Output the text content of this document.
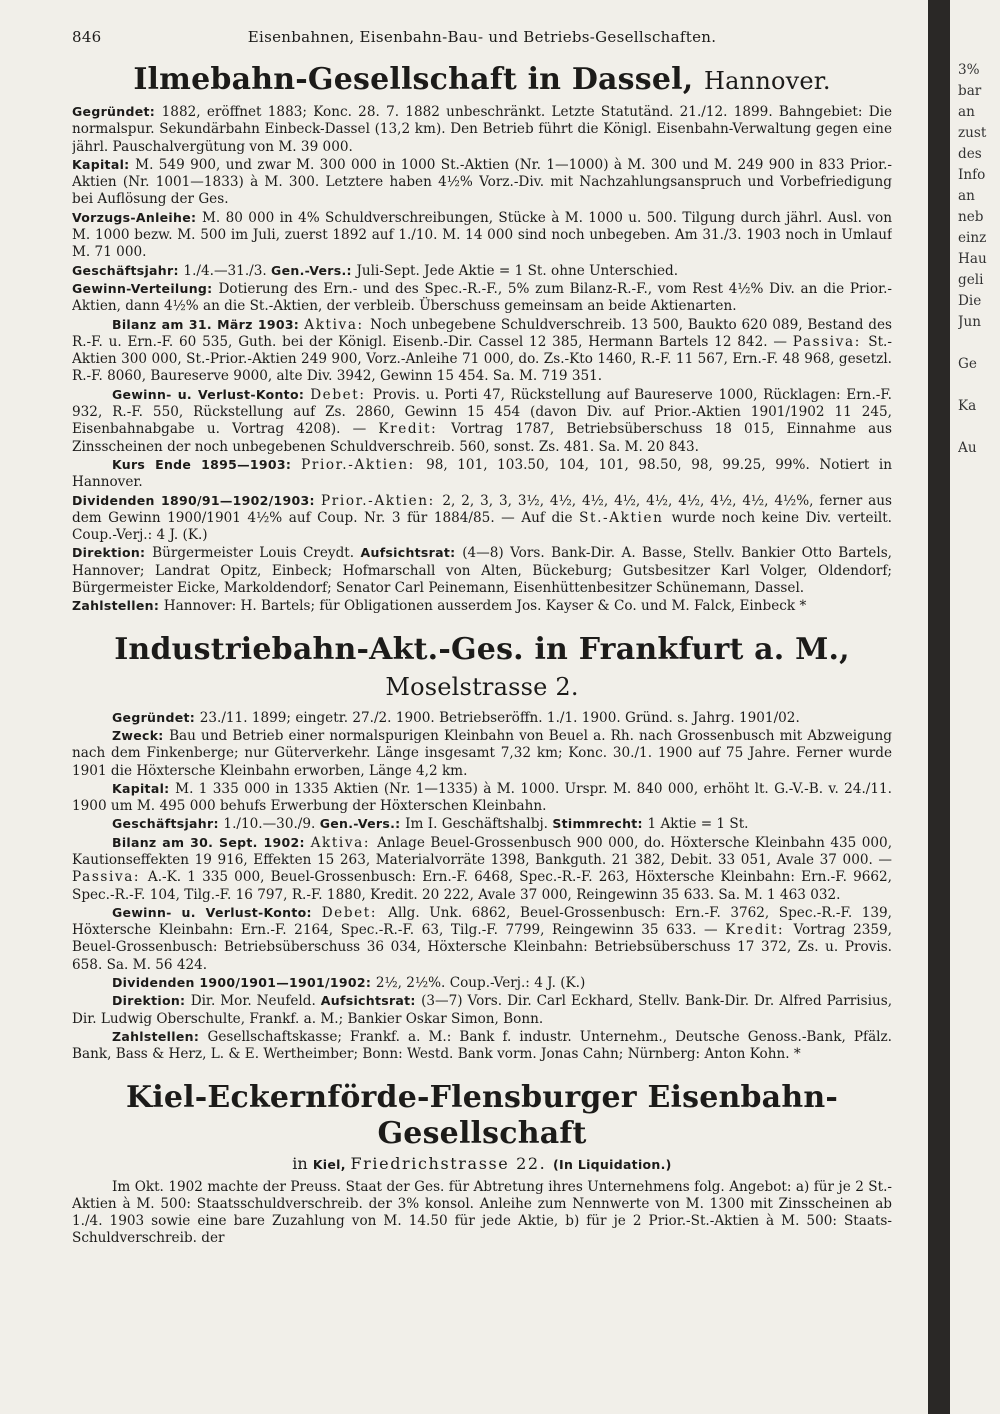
846	Eisenbahnen, Eisenbahn-Bau- und Betriebs-Gesellschaften.
Ilmebahn-Gesellschaft in Dassel, Hannover.

Gegründet: 1882, eröffnet 1883; Konc. 28. 7. 1882 unbeschränkt. Letzte Statutänd. 21./12. 1899. Bahngebiet: Die normalspur. Sekundärbahn Einbeck-Dassel (13,2 km). Den Betrieb führt die Königl. Eisenbahn-Verwaltung gegen eine jährl. Pauschalvergütung von M. 39 000.

Kapital: M. 549 900, und zwar M. 300 000 in 1000 St.-Aktien (Nr. 1—1000) à M. 300 und M. 249 900 in 833 Prior.-Aktien (Nr. 1001—1833) à M. 300. Letztere haben 4½% Vorz.-Div. mit Nachzahlungsanspruch und Vorbefriedigung bei Auflösung der Ges.

Vorzugs-Anleihe: M. 80 000 in 4% Schuldverschreibungen, Stücke à M. 1000 u. 500. Tilgung durch jährl. Ausl. von M. 1000 bezw. M. 500 im Juli, zuerst 1892 auf 1./10. M. 14 000 sind noch unbegeben. Am 31./3. 1903 noch in Umlauf M. 71 000.

Geschäftsjahr: 1./4.—31./3. Gen.-Vers.: Juli-Sept. Jede Aktie = 1 St. ohne Unterschied.

Gewinn-Verteilung: Dotierung des Ern.- und des Spec.-R.-F., 5% zum Bilanz-R.-F., vom Rest 4½% Div. an die Prior.-Aktien, dann 4½% an die St.-Aktien, der verbleib. Überschuss gemeinsam an beide Aktienarten.

Bilanz am 31. März 1903: Aktiva: Noch unbegebene Schuldverschreib. 13 500, Baukto 620 089, Bestand des R.-F. u. Ern.-F. 60 535, Guth. bei der Königl. Eisenb.-Dir. Cassel 12 385, Hermann Bartels 12 842. — Passiva: St.-Aktien 300 000, St.-Prior.-Aktien 249 900, Vorz.-Anleihe 71 000, do. Zs.-Kto 1460, R.-F. 11 567, Ern.-F. 48 968, gesetzl. R.-F. 8060, Baureserve 9000, alte Div. 3942, Gewinn 15 454. Sa. M. 719 351.

Gewinn- u. Verlust-Konto: Debet: Provis. u. Porti 47, Rückstellung auf Baureserve 1000, Rücklagen: Ern.-F. 932, R.-F. 550, Rückstellung auf Zs. 2860, Gewinn 15 454 (davon Div. auf Prior.-Aktien 1901/1902 11 245, Eisenbahnabgabe u. Vortrag 4208). — Kredit: Vortrag 1787, Betriebsüberschuss 18 015, Einnahme aus Zinsscheinen der noch unbegebenen Schuldverschreib. 560, sonst. Zs. 481. Sa. M. 20 843.

Kurs Ende 1895—1903: Prior.-Aktien: 98, 101, 103.50, 104, 101, 98.50, 98, 99.25, 99%. Notiert in Hannover.

Dividenden 1890/91—1902/1903: Prior.-Aktien: 2, 2, 3, 3, 3½, 4½, 4½, 4½, 4½, 4½, 4½, 4½, 4½%, ferner aus dem Gewinn 1900/1901 4½% auf Coup. Nr. 3 für 1884/85. — Auf die St.-Aktien wurde noch keine Div. verteilt. Coup.-Verj.: 4 J. (K.)

Direktion: Bürgermeister Louis Creydt. Aufsichtsrat: (4—8) Vors. Bank-Dir. A. Basse, Stellv. Bankier Otto Bartels, Hannover; Landrat Opitz, Einbeck; Hofmarschall von Alten, Bückeburg; Gutsbesitzer Karl Volger, Oldendorf; Bürgermeister Eicke, Markoldendorf; Senator Carl Peinemann, Eisenhüttenbesitzer Schünemann, Dassel.

Zahlstellen: Hannover: H. Bartels; für Obligationen ausserdem Jos. Kayser & Co. und M. Falck, Einbeck *

Industriebahn-Akt.-Ges. in Frankfurt a. M., Moselstrasse 2.

Gegründet: 23./11. 1899; eingetr. 27./2. 1900. Betriebseröffn. 1./1. 1900. Gründ. s. Jahrg. 1901/02.

Zweck: Bau und Betrieb einer normalspurigen Kleinbahn von Beuel a. Rh. nach Grossenbusch mit Abzweigung nach dem Finkenberge; nur Güterverkehr. Länge insgesamt 7,32 km; Konc. 30./1. 1900 auf 75 Jahre. Ferner wurde 1901 die Höxtersche Kleinbahn erworben, Länge 4,2 km.

Kapital: M. 1 335 000 in 1335 Aktien (Nr. 1—1335) à M. 1000. Urspr. M. 840 000, erhöht lt. G.-V.-B. v. 24./11. 1900 um M. 495 000 behufs Erwerbung der Höxterschen Kleinbahn.

Geschäftsjahr: 1./10.—30./9. Gen.-Vers.: Im I. Geschäftshalbj. Stimmrecht: 1 Aktie = 1 St.

Bilanz am 30. Sept. 1902: Aktiva: Anlage Beuel-Grossenbusch 900 000, do. Höxtersche Kleinbahn 435 000, Kautionseffekten 19 916, Effekten 15 263, Materialvorräte 1398, Bankguth. 21 382, Debit. 33 051, Avale 37 000. — Passiva: A.-K. 1 335 000, Beuel-Grossenbusch: Ern.-F. 6468, Spec.-R.-F. 263, Höxtersche Kleinbahn: Ern.-F. 9662, Spec.-R.-F. 104, Tilg.-F. 16 797, R.-F. 1880, Kredit. 20 222, Avale 37 000, Reingewinn 35 633. Sa. M. 1 463 032.

Gewinn- u. Verlust-Konto: Debet: Allg. Unk. 6862, Beuel-Grossenbusch: Ern.-F. 3762, Spec.-R.-F. 139, Höxtersche Kleinbahn: Ern.-F. 2164, Spec.-R.-F. 63, Tilg.-F. 7799, Reingewinn 35 633. — Kredit: Vortrag 2359, Beuel-Grossenbusch: Betriebsüberschuss 36 034, Höxtersche Kleinbahn: Betriebsüberschuss 17 372, Zs. u. Provis. 658. Sa. M. 56 424.

Dividenden 1900/1901—1901/1902: 2½, 2½%. Coup.-Verj.: 4 J. (K.)

Direktion: Dir. Mor. Neufeld. Aufsichtsrat: (3—7) Vors. Dir. Carl Eckhard, Stellv. Bank-Dir. Dr. Alfred Parrisius, Dir. Ludwig Oberschulte, Frankf. a. M.; Bankier Oskar Simon, Bonn.

Zahlstellen: Gesellschaftskasse; Frankf. a. M.: Bank f. industr. Unternehm., Deutsche Genoss.-Bank, Pfälz. Bank, Bass & Herz, L. & E. Wertheimber; Bonn: Westd. Bank vorm. Jonas Cahn; Nürnberg: Anton Kohn. *

Kiel-Eckernförde-Flensburger Eisenbahn-Gesellschaft
in Kiel, Friedrichstrasse 22. (In Liquidation.)

Im Okt. 1902 machte der Preuss. Staat der Ges. für Abtretung ihres Unternehmens folg. Angebot: a) für je 2 St.-Aktien à M. 500: Staatsschuldverschreib. der 3% konsol. Anleihe zum Nennwerte von M. 1300 mit Zinsscheinen ab 1./4. 1903 sowie eine bare Zuzahlung von M. 14.50 für jede Aktie, b) für je 2 Prior.-St.-Aktien à M. 500: Staats-Schuldverschreib. der

3%
bar
an
zust
des
Info
an
neb
einz
Hau
geli
Die
Jun
Ge
Ka
Au
